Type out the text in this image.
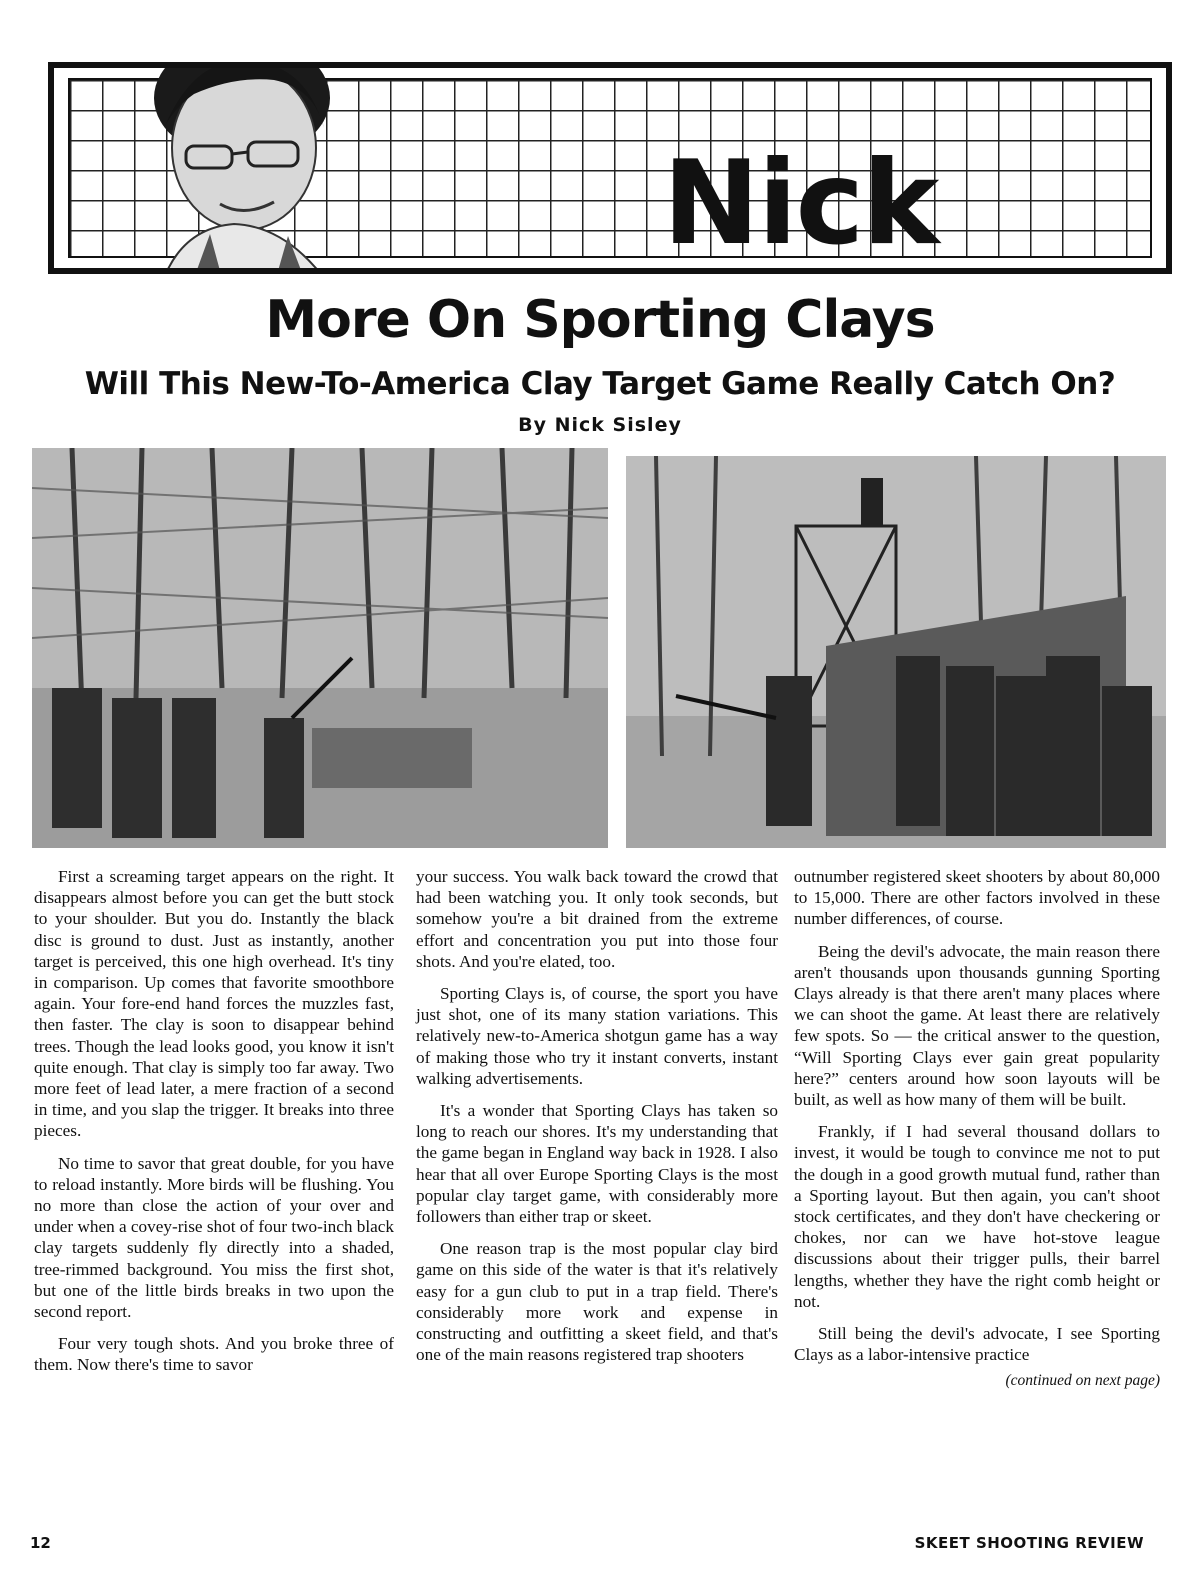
Nick
More On Sporting Clays
Will This New-To-America Clay Target Game Really Catch On?
By Nick Sisley

First a screaming target appears on the right. It disappears almost before you can get the butt stock to your shoulder. But you do. Instantly the black disc is ground to dust. Just as instantly, another target is perceived, this one high overhead. It's tiny in comparison. Up comes that favorite smoothbore again. Your fore-end hand forces the muzzles fast, then faster. The clay is soon to disappear behind trees. Though the lead looks good, you know it isn't quite enough. That clay is simply too far away. Two more feet of lead later, a mere fraction of a second in time, and you slap the trigger. It breaks into three pieces.

No time to savor that great double, for you have to reload instantly. More birds will be flushing. You no more than close the action of your over and under when a covey-rise shot of four two-inch black clay targets suddenly fly directly into a shaded, tree-rimmed background. You miss the first shot, but one of the little birds breaks in two upon the second report.

Four very tough shots. And you broke three of them. Now there's time to savor

your success. You walk back toward the crowd that had been watching you. It only took seconds, but somehow you're a bit drained from the extreme effort and concentration you put into those four shots. And you're elated, too.

Sporting Clays is, of course, the sport you have just shot, one of its many station variations. This relatively new-to-America shotgun game has a way of making those who try it instant converts, instant walking advertisements.

It's a wonder that Sporting Clays has taken so long to reach our shores. It's my understanding that the game began in England way back in 1928. I also hear that all over Europe Sporting Clays is the most popular clay target game, with considerably more followers than either trap or skeet.

One reason trap is the most popular clay bird game on this side of the water is that it's relatively easy for a gun club to put in a trap field. There's considerably more work and expense in constructing and outfitting a skeet field, and that's one of the main reasons registered trap shooters

outnumber registered skeet shooters by about 80,000 to 15,000. There are other factors involved in these number differences, of course.

Being the devil's advocate, the main reason there aren't thousands upon thousands gunning Sporting Clays already is that there aren't many places where we can shoot the game. At least there are relatively few spots. So — the critical answer to the question, “Will Sporting Clays ever gain great popularity here?” centers around how soon layouts will be built, as well as how many of them will be built.

Frankly, if I had several thousand dollars to invest, it would be tough to convince me not to put the dough in a good growth mutual fund, rather than a Sporting layout. But then again, you can't shoot stock certificates, and they don't have checkering or chokes, nor can we have hot-stove league discussions about their trigger pulls, their barrel lengths, whether they have the right comb height or not.

Still being the devil's advocate, I see Sporting Clays as a labor-intensive practice

(continued on next page)
12	SKEET SHOOTING REVIEW
